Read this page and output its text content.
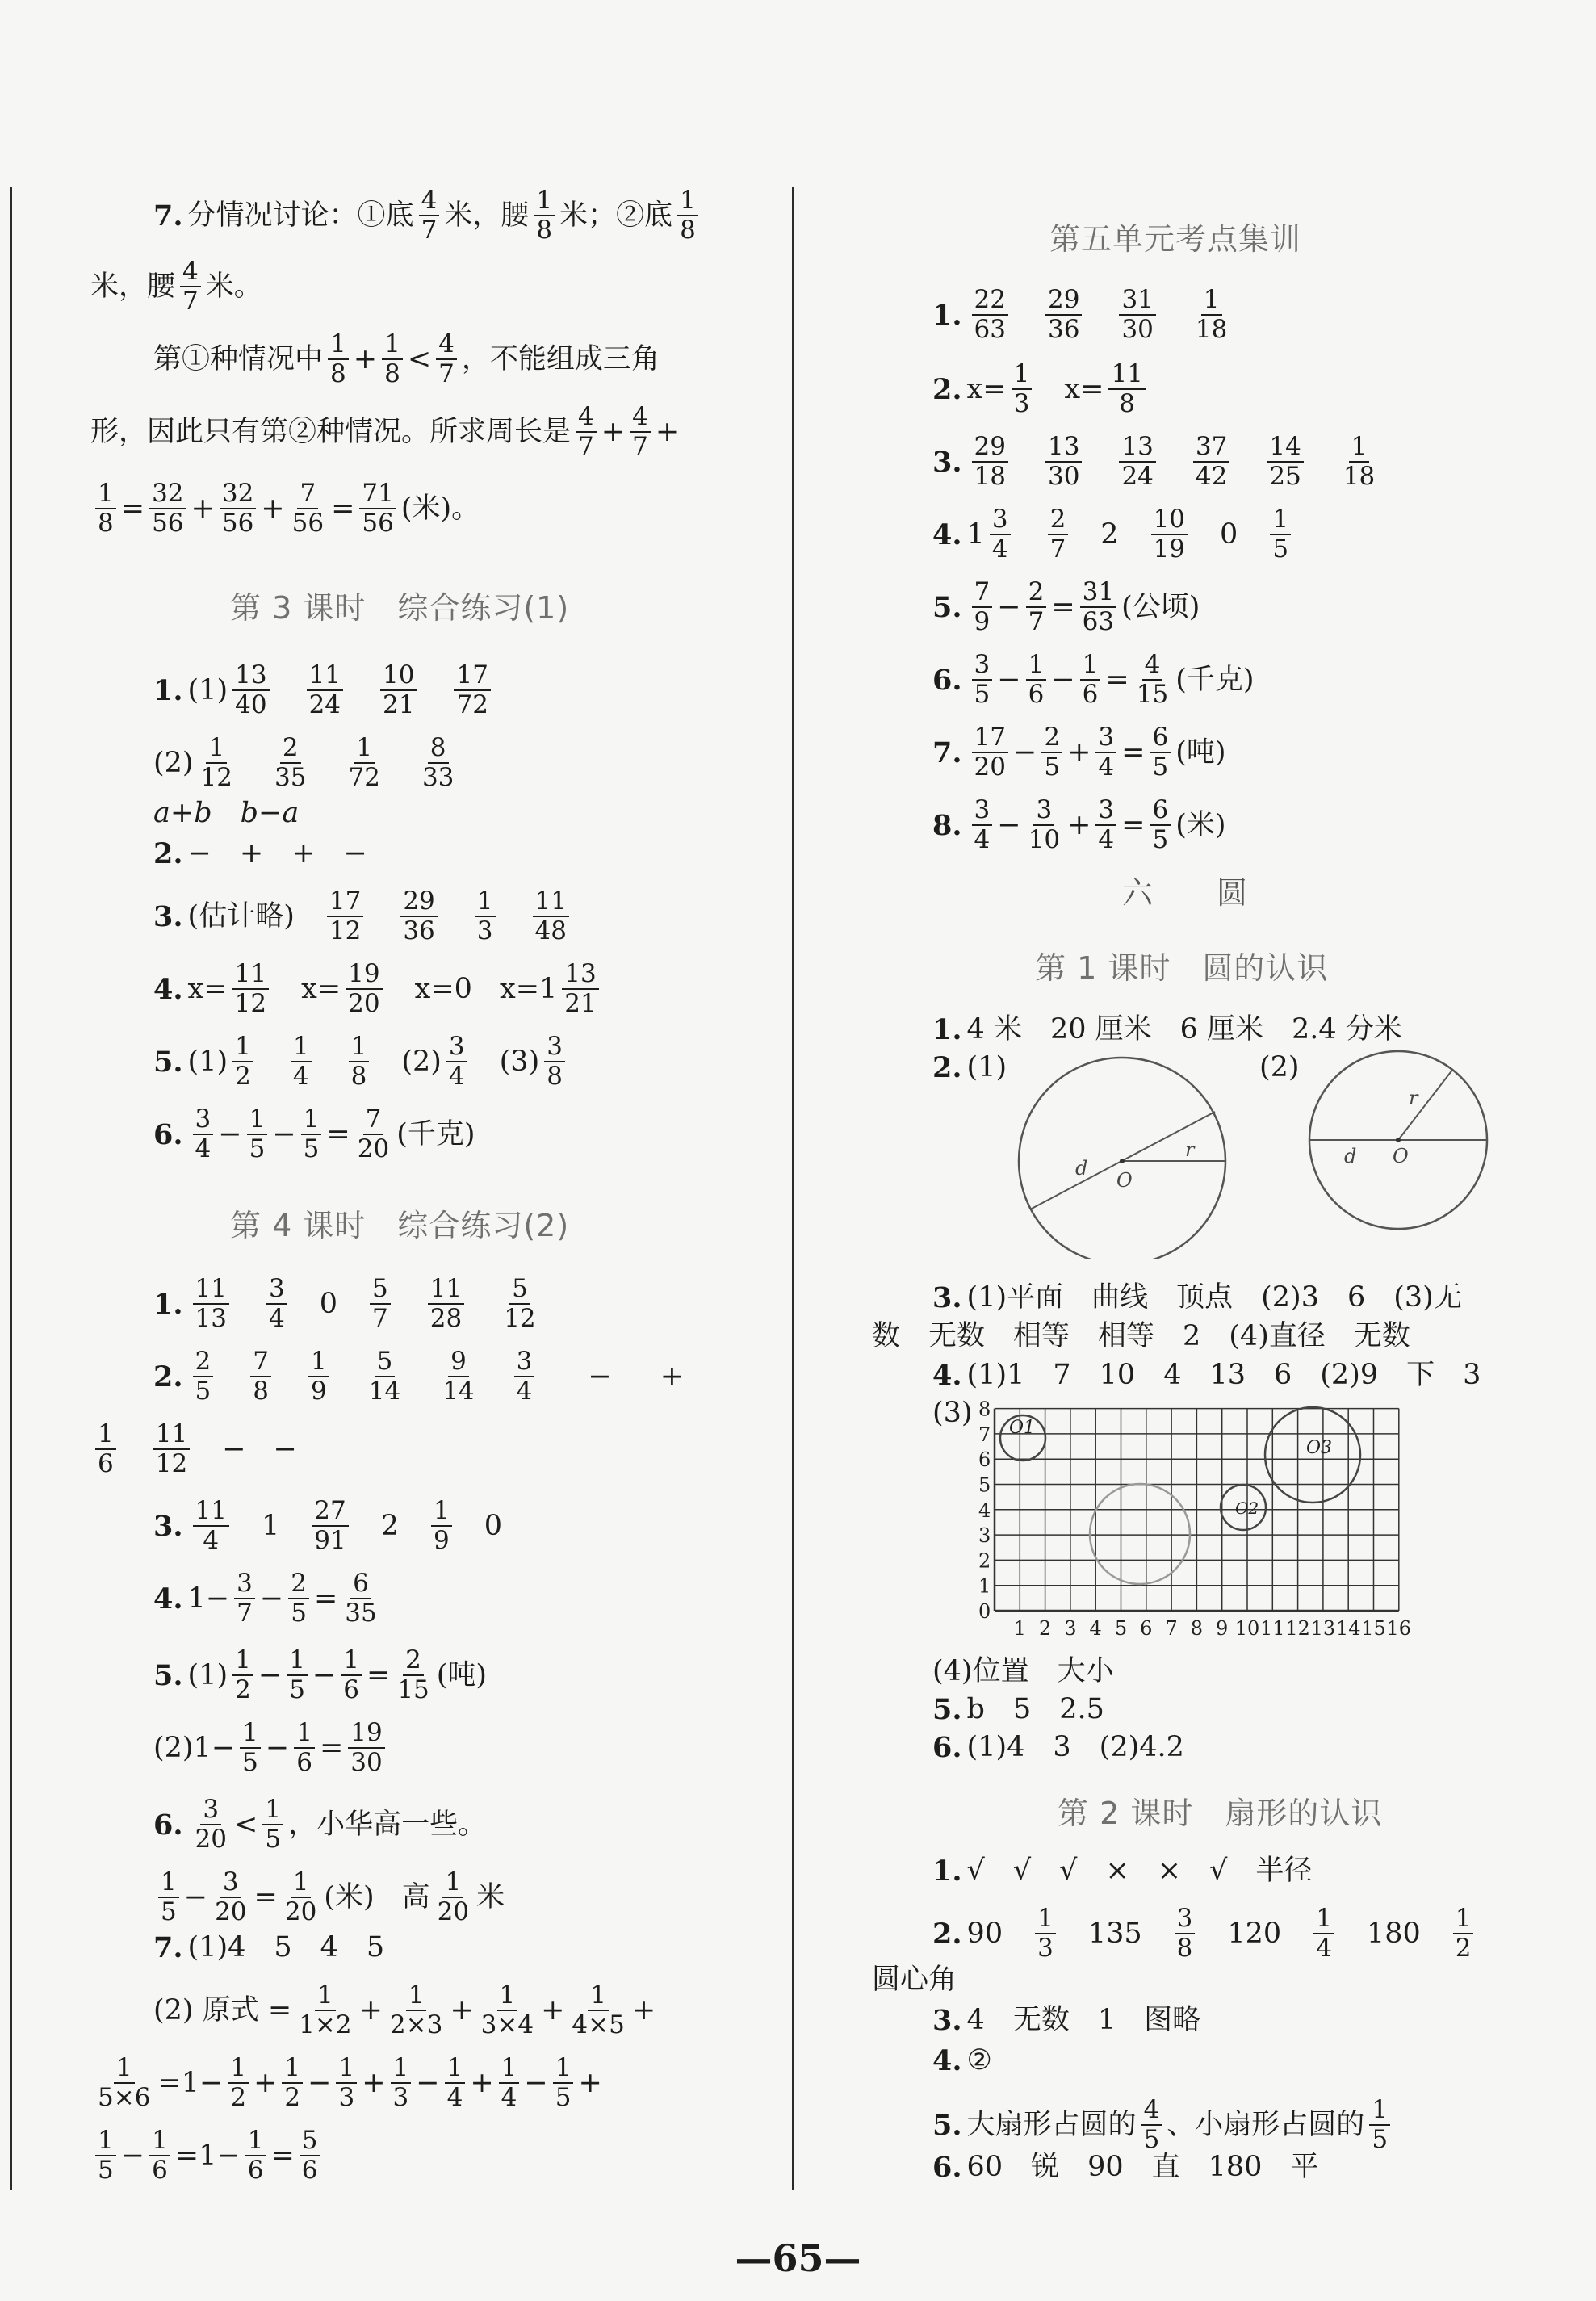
7. 分情况讨论：①底 $\frac{4}{7}$ 米，腰 $\frac{1}{8}$ 米；②底 $\frac{1}{8}$
米，腰 $\frac{4}{7}$ 米。
第①种情况中 $\frac{1}{8} + \frac{1}{8} < \frac{4}{7}$ ，不能组成三角
形，因此只有第②种情况。所求周长是 $\frac{4}{7} + \frac{4}{7}$ +
$\frac{1}{8} = \frac{32}{56} + \frac{32}{56} + \frac{7}{56} = \frac{71}{56}$ (米)。
第 3 课时　综合练习(1)
1. $(1) \frac{13}{40} \frac{11}{24} \frac{10}{21} \frac{17}{72}$
$(2) \frac{1}{12} \frac{2}{35} \frac{1}{72} \frac{8}{33}$
a+b　b−a
2. −　+　+　−
3. (估计略) $\frac{17}{12} \frac{29}{36} \frac{1}{3} \frac{11}{48}$
4. $x= \frac{11}{12} x= \frac{19}{20} x=0$ $x=1 \frac{13}{21}$
5. $(1) \frac{1}{2} \frac{1}{4} \frac{1}{8} (2) \frac{3}{4} (3) \frac{3}{8}$
6. $\frac{3}{4} - \frac{1}{5} - \frac{1}{5} = \frac{7}{20}$ (千克)
第 4 课时　综合练习(2)
1. $\frac{11}{13} \frac{3}{4} 0 \frac{5}{7} \frac{11}{28} \frac{5}{12}$
2. $\frac{2}{5} \frac{7}{8} \frac{1}{9} \frac{5}{14} \frac{9}{14} \frac{3}{4}$ − +
$\frac{1}{6} \frac{11}{12}$ − −
3. $\frac{11}{4} 1 \frac{27}{91} 2 \frac{1}{9} 0$
4. $1- \frac{3}{7} - \frac{2}{5} = \frac{6}{35}$
5. $(1) \frac{1}{2} - \frac{1}{5} - \frac{1}{6} = \frac{2}{15}$ (吨)
$(2)1- \frac{1}{5} - \frac{1}{6} = \frac{19}{30}$
6. $\frac{3}{20} < \frac{1}{5}$ ，小华高一些。
$\frac{1}{5} - \frac{3}{20} = \frac{1}{20}$ (米) 高 $\frac{1}{20}$ 米
7. (1)4　5　4　5
(2) 原式 = $\frac{1}{1\times 2} + \frac{1}{2\times 3} + \frac{1}{3\times 4} + \frac{1}{4\times 5}$ +
$\frac{1}{5\times 6} =1- \frac{1}{2} + \frac{1}{2} - \frac{1}{3} + \frac{1}{3} - \frac{1}{4} + \frac{1}{4} - \frac{1}{5}$ +
$\frac{1}{5} - \frac{1}{6} =1- \frac{1}{6} = \frac{5}{6}$
第五单元考点集训
1. $\frac{22}{63} \frac{29}{36} \frac{31}{30} \frac{1}{18}$
2. $x= \frac{1}{3} x= \frac{11}{8}$
3. $\frac{29}{18} \frac{13}{30} \frac{13}{24} \frac{37}{42} \frac{14}{25} \frac{1}{18}$
4. $1 \frac{3}{4} \frac{2}{7} 2 \frac{10}{19} 0 \frac{1}{5}$
5. $\frac{7}{9} - \frac{2}{7} = \frac{31}{63}$ (公顷)
6. $\frac{3}{5} - \frac{1}{6} - \frac{1}{6} = \frac{4}{15}$ (千克)
7. $\frac{17}{20} - \frac{2}{5} + \frac{3}{4} = \frac{6}{5}$ (吨)
8. $\frac{3}{4} - \frac{3}{10} + \frac{3}{4} = \frac{6}{5}$ (米)
六　　圆
第 1 课时　圆的认识
1. 4 米　20 厘米　6 厘米　2.4 分米
2. (1)	(2)
d
O
r	d O
r
3. (1)平面　曲线　顶点　(2)3　6　(3)无
数　无数　相等　相等　2　(4)直径　无数
4. (1)1　7　10　4　13　6　(2)9　下　3
(3) 8
7
6
5
4
3
2
1
0
1 2 3 4 5 6 7 8 9 10 11 12 13 14 15 16
O1
O2
O3
(4)位置　大小
5. b　5　2.5
6. (1)4　3　(2)4.2
第 2 课时　扇形的认识
1. √　√　√　×　×　√　半径
2. $90 \frac{1}{3} 135 \frac{3}{8} 120 \frac{1}{4} 180 \frac{1}{2}$
圆心角
3. 4　无数　1　图略
4. ②
5. 大扇形占圆的 $\frac{4}{5}$ 、小扇形占圆的 $\frac{1}{5}$
6. 60　锐　90　直　180　平
—65—
